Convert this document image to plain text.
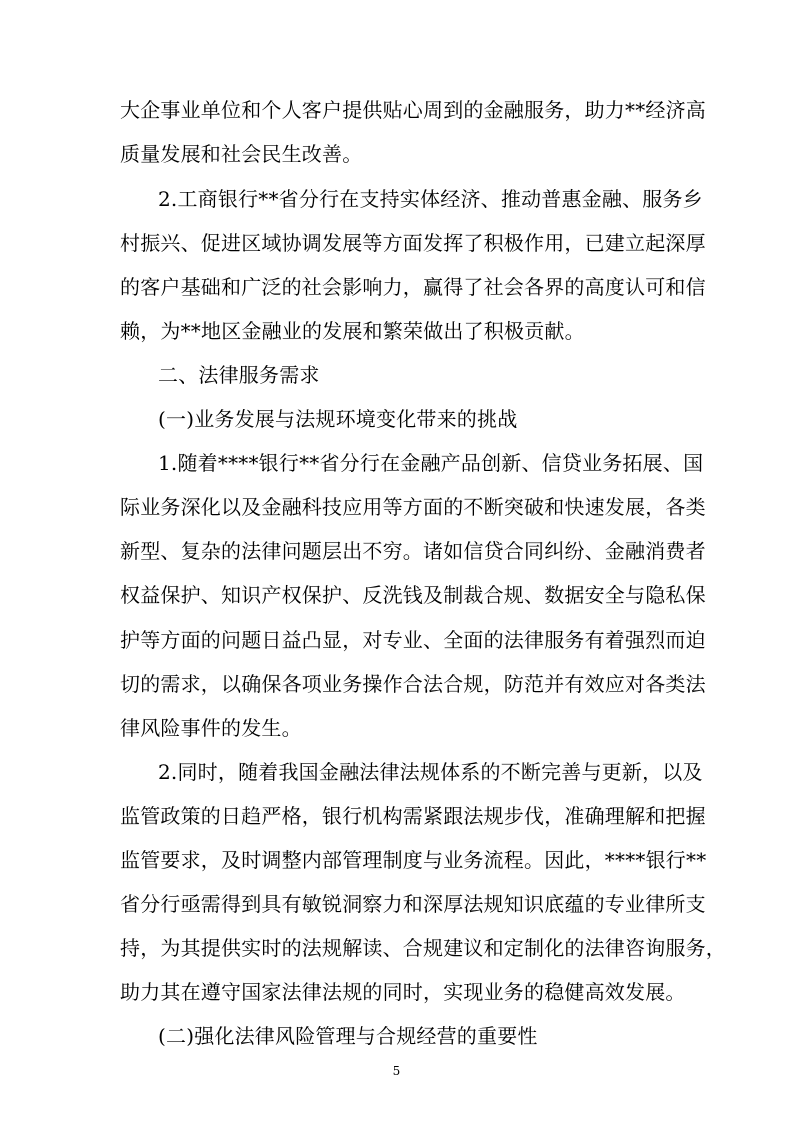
大企事业单位和个人客户提供贴心周到的金融服务，助力**经济高
质量发展和社会民生改善。
2.工商银行**省分行在支持实体经济、推动普惠金融、服务乡
村振兴、促进区域协调发展等方面发挥了积极作用，已建立起深厚
的客户基础和广泛的社会影响力，赢得了社会各界的高度认可和信
赖，为**地区金融业的发展和繁荣做出了积极贡献。
二、法律服务需求
(一)业务发展与法规环境变化带来的挑战
1.随着****银行**省分行在金融产品创新、信贷业务拓展、国
际业务深化以及金融科技应用等方面的不断突破和快速发展，各类
新型、复杂的法律问题层出不穷。诸如信贷合同纠纷、金融消费者
权益保护、知识产权保护、反洗钱及制裁合规、数据安全与隐私保
护等方面的问题日益凸显，对专业、全面的法律服务有着强烈而迫
切的需求，以确保各项业务操作合法合规，防范并有效应对各类法
律风险事件的发生。
2.同时，随着我国金融法律法规体系的不断完善与更新，以及
监管政策的日趋严格，银行机构需紧跟法规步伐，准确理解和把握
监管要求，及时调整内部管理制度与业务流程。因此，****银行**
省分行亟需得到具有敏锐洞察力和深厚法规知识底蕴的专业律所支
持，为其提供实时的法规解读、合规建议和定制化的法律咨询服务，
助力其在遵守国家法律法规的同时，实现业务的稳健高效发展。
(二)强化法律风险管理与合规经营的重要性
5
